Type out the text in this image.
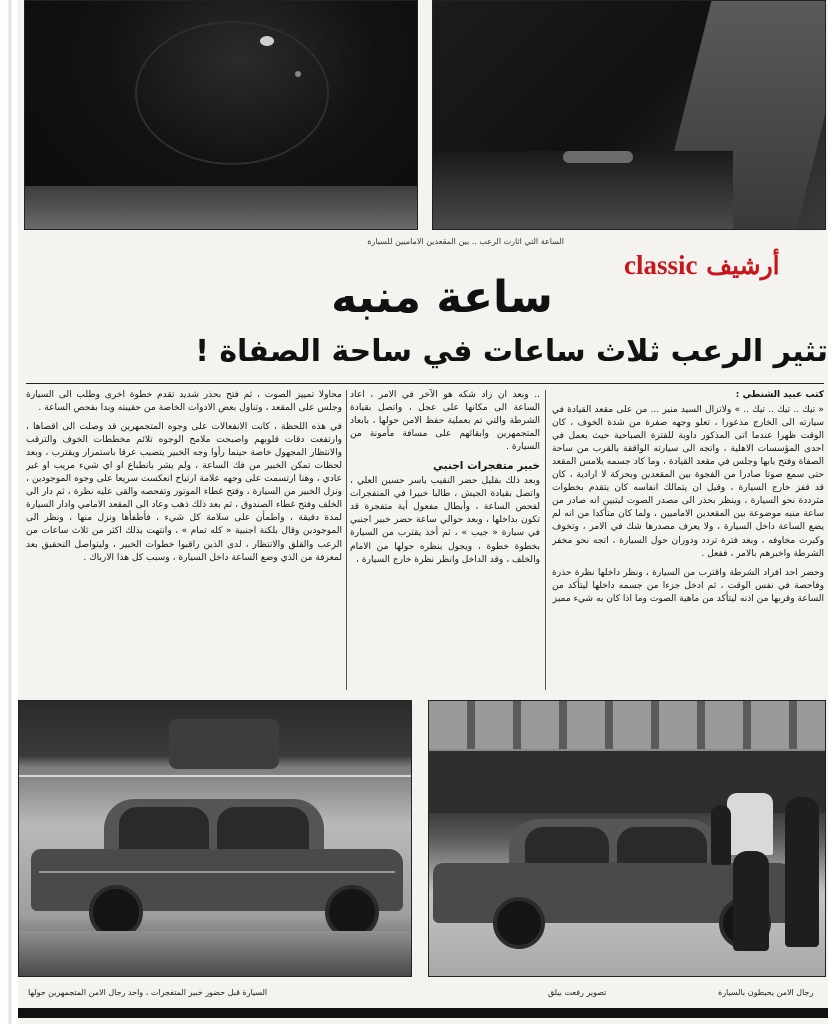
classic أرشيف
الساعة التي اثارت الرعب .. بين المقعدين الاماميين للسيارة
ساعة منبه
تثير الرعب ثلاث ساعات في ساحة الصفاة !

كتب عبيد الشنطي :

« تيك .. تيك .. تيك .. » ولاتزال السيد منير ... من على مقعد القيادة في سيارته الى الخارج مذعورا ، تعلو وجهه صفرة من شدة الخوف ، كان الوقت ظهرا عندما اتى المذكور داوبة للفترة الصباحية حيث يعمل في احدى المؤسسات الاهلية ، واتجه الى سيارته الواقفة بالقرب من ساحة الصفاة وفتح بابها وجلس في مقعد القيادة ، وما كاد جسمه يلامس المقعد حتى سمع صوتا صادرا من الفجوة بين المقعدين وبحركة لا ارادية ، كان قد قفز خارج السيارة ، وقيل ان يتمالك انفاسه كان يتقدم بخطوات مترددة نحو السيارة ، وينظر بحذر الى مصدر الصوت ليتبين انه صادر من ساعة منبه موضوعة بين المقعدين الاماميين ، ولما كان متأكدا من انه لم يضع الساعة داخل السيارة ، ولا يعرف مصدرها شك في الامر ، وتخوف وكبرت مخاوفه ، وبعد فترة تردد ودوران حول السيارة ، اتجه نحو مخفر الشرطة واخبرهم بالامر ، ففعل .

وحضر احد افراد الشرطة واقترب من السيارة ، ونظر داخلها نظرة حذرة وفاحصة في نفس الوقت ، ثم ادخل جزءا من جسمه داخلها ليتأكد من الساعة وقربها من اذنه ليتأكد من ماهية الصوت وما اذا كان به شيء مميز

.. وبعد ان زاد شكه هو الآخر في الامر ، اعاد الساعة الى مكانها على عجل ، واتصل بقيادة الشرطة والتي تم بعملية حفظ الامن حولها ، بابعاد المتجمهرين وابقائهم على مسافة مأمونة من السيارة .

خبير متفجرات اجنبي

وبعد ذلك بقليل حضر النقيب ياسر حسين العلي ، واتصل بقيادة الجيش ، طالبا خبيرا في المتفجرات لفحص الساعة ، وأبطال مفعول أية متفجرة قد تكون بداخلها ، وبعد حوالي ساعة حضر خبير اجنبي في سيارة « جيب » ، ثم أخذ يقترب من السيارة بخطوة خطوة ، ويجول بنظره حولها من الامام والخلف ، وقد الداخل وانظر نظرة خارج السيارة ،

محاولا تمييز الصوت ، ثم فتح بحذر شديد تقدم خطوة اخرى وطلب الى السيارة وجلس على المقعد ، وتناول بعض الادوات الخاصة من حقيبته وبدا بفحص الساعة .

في هذه اللحظة ، كانت الانفعالات على وجوه المتجمهرين قد وصلت الى اقصاها ، وارتفعت دقات قلوبهم واصبحت ملامح الوجوه تلائم مخططات الخوف والترقب والانتظار المجهول خاصة حينما رأوا وجه الخبير يتصبب عرقا باستمرار ويقترب ، وبعد لحظات تمكن الخبير من فك الساعة ، ولم يشر بانطباع او اي شيء مريب او غير عادي ، وهنا ارتسمت على وجهه علامة ارتياح انعكست سريعا على وجوه الموجودين ، ونزل الخبير من السيارة ، وفتح غطاء الموتور وتفحصه والقى عليه نظرة ، ثم دار الى الخلف وفتح غطاء الصندوق ، ثم بعد ذلك ذهب وعاد الى المقعد الامامي وادار السيارة لمدة دقيقة ، واطمأن على سلامة كل شيء ، فأطفأها ونزل منها ، ونظر الى الموجودين وقال بلكنة اجنبية « كله تمام » ، وانتهت بذلك اكثر من ثلاث ساعات من الرعب والقلق والانتظار ، لدى الذين راقبوا خطوات الخبير ، وليتواصل التحقيق بعد لمعرفة من الذي وضع الساعة داخل السيارة ، وسبب كل هذا الارباك .

رجال الامن يحيطون بالسيارة
تصوير رفعت بيلق
السيارة قبل حضور خبير المتفجرات ، واحد رجال الامن المتجمهرين حولها
